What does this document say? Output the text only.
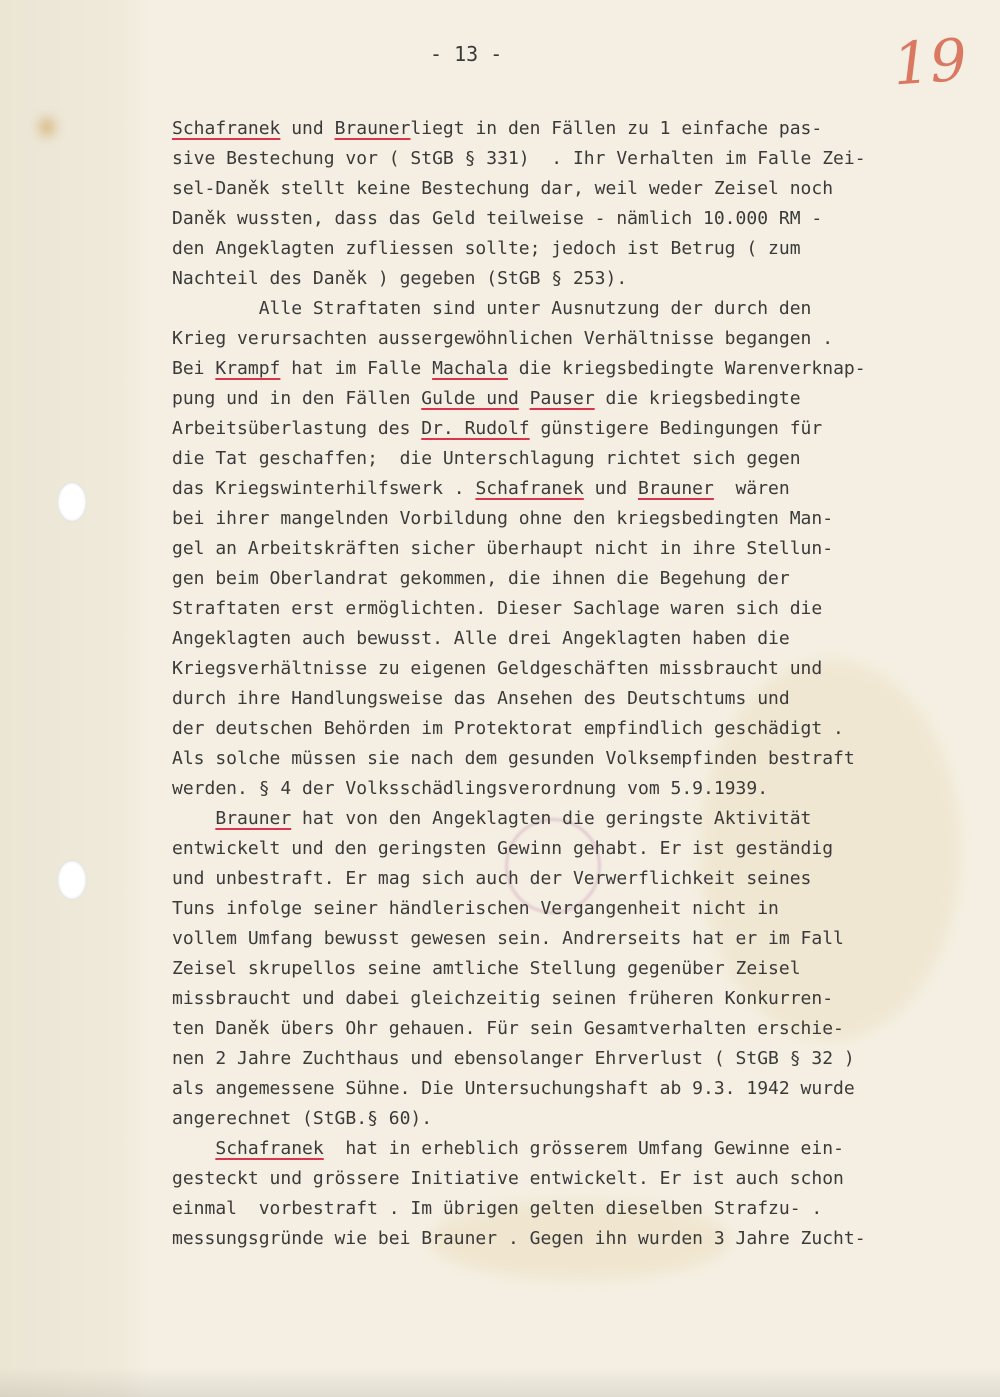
- 13 -	19
Schafranek und Braunerliegt in den Fällen zu 1 einfache pas-
sive Bestechung vor ( StGB § 331)  . Ihr Verhalten im Falle Zei-
sel-Daněk stellt keine Bestechung dar, weil weder Zeisel noch
Daněk wussten, dass das Geld teilweise - nämlich 10.000 RM -
den Angeklagten zufliessen sollte; jedoch ist Betrug ( zum
Nachteil des Daněk ) gegeben (StGB § 253).
Alle Straftaten sind unter Ausnutzung der durch den
Krieg verursachten aussergewöhnlichen Verhältnisse begangen .
Bei Krampf hat im Falle Machala die kriegsbedingte Warenverknap-
pung und in den Fällen Gulde und Pauser die kriegsbedingte
Arbeitsüberlastung des Dr. Rudolf günstigere Bedingungen für
die Tat geschaffen;  die Unterschlagung richtet sich gegen
das Kriegswinterhilfswerk . Schafranek und Brauner  wären
bei ihrer mangelnden Vorbildung ohne den kriegsbedingten Man-
gel an Arbeitskräften sicher überhaupt nicht in ihre Stellun-
gen beim Oberlandrat gekommen, die ihnen die Begehung der
Straftaten erst ermöglichten. Dieser Sachlage waren sich die
Angeklagten auch bewusst. Alle drei Angeklagten haben die
Kriegsverhältnisse zu eigenen Geldgeschäften missbraucht und
durch ihre Handlungsweise das Ansehen des Deutschtums und
der deutschen Behörden im Protektorat empfindlich geschädigt .
Als solche müssen sie nach dem gesunden Volksempfinden bestraft
werden. § 4 der Volksschädlingsverordnung vom 5.9.1939.
Brauner hat von den Angeklagten die geringste Aktivität
entwickelt und den geringsten Gewinn gehabt. Er ist geständig
und unbestraft. Er mag sich auch der Verwerflichkeit seines
Tuns infolge seiner händlerischen Vergangenheit nicht in
vollem Umfang bewusst gewesen sein. Andrerseits hat er im Fall
Zeisel skrupellos seine amtliche Stellung gegenüber Zeisel
missbraucht und dabei gleichzeitig seinen früheren Konkurren-
ten Daněk übers Ohr gehauen. Für sein Gesamtverhalten erschie-
nen 2 Jahre Zuchthaus und ebensolanger Ehrverlust ( StGB § 32 )
als angemessene Sühne. Die Untersuchungshaft ab 9.3. 1942 wurde
angerechnet (StGB.§ 60).
Schafranek  hat in erheblich grösserem Umfang Gewinne ein-
gesteckt und grössere Initiative entwickelt. Er ist auch schon
einmal  vorbestraft . Im übrigen gelten dieselben Strafzu- .
messungsgründe wie bei Brauner . Gegen ihn wurden 3 Jahre Zucht-
